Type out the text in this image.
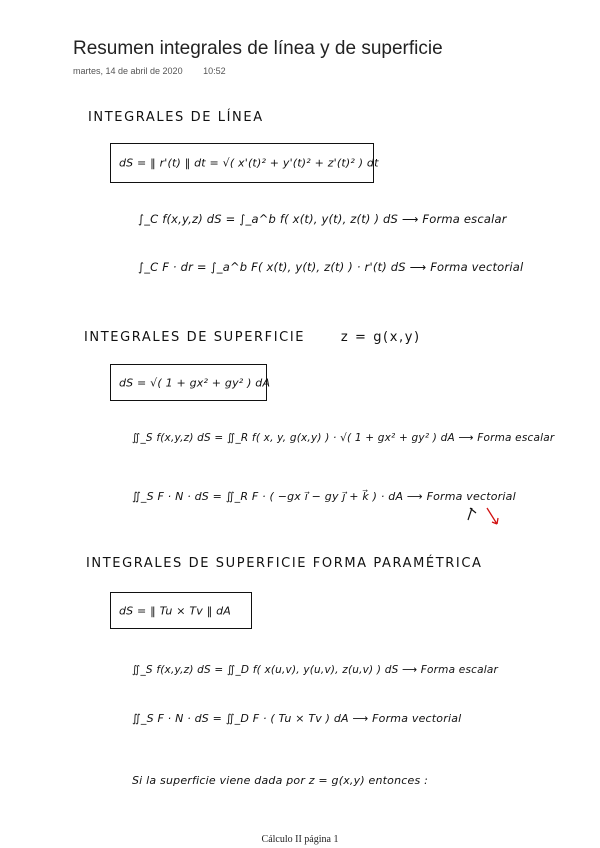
Resumen integrales de línea y de superficie
martes, 14 de abril de 2020 10:52
INTEGRALES DE LÍNEA
dS = ‖ r'(t) ‖ dt = √( x'(t)² + y'(t)² + z'(t)² ) dt
∫_C f(x,y,z) dS = ∫_a^b f( x(t), y(t), z(t) ) dS ⟶ Forma escalar
∫_C F · dr = ∫_a^b F( x(t), y(t), z(t) ) · r'(t) dS ⟶ Forma vectorial
INTEGRALES DE SUPERFICIE	z = g(x,y)
dS = √( 1 + gx² + gy² ) dA
∬_S f(x,y,z) dS = ∬_R f( x, y, g(x,y) ) · √( 1 + gx² + gy² ) dA ⟶ Forma escalar
∬_S F · N · dS = ∬_R F · ( −gx i⃗ − gy j⃗ + k⃗ ) · dA ⟶ Forma vectorial
INTEGRALES DE SUPERFICIE FORMA PARAMÉTRICA
dS = ‖ Tu × Tv ‖ dA
∬_S f(x,y,z) dS = ∬_D f( x(u,v), y(u,v), z(u,v) ) dS ⟶ Forma escalar
∬_S F · N · dS = ∬_D F · ( Tu × Tv ) dA ⟶ Forma vectorial
Si la superficie viene dada por z = g(x,y) entonces :
Cálculo II página 1
